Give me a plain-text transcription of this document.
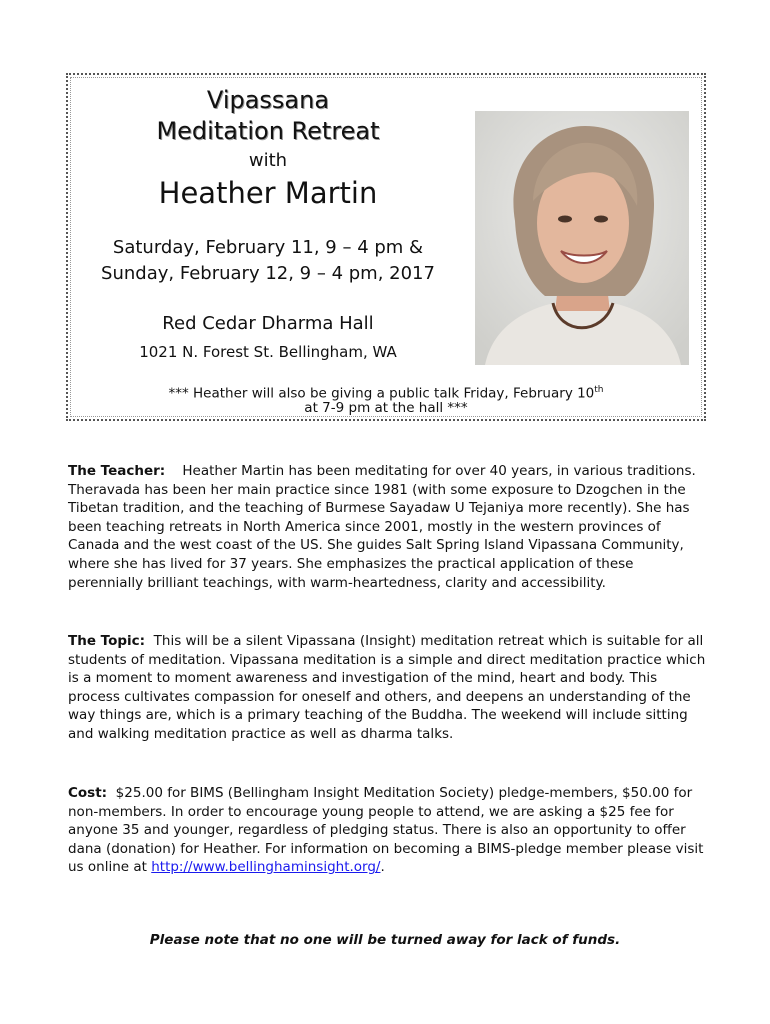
Vipassana
Meditation Retreat
with
Heather Martin
Saturday, February 11, 9 – 4 pm &
Sunday, February 12, 9 – 4 pm, 2017
Red Cedar Dharma Hall
1021 N. Forest St. Bellingham, WA
*** Heather will also be giving a public talk Friday, February 10th
at 7-9 pm at the hall ***
The Teacher: Heather Martin has been meditating for over 40 years, in various traditions. Theravada has been her main practice since 1981 (with some exposure to Dzogchen in the Tibetan tradition, and the teaching of Burmese Sayadaw U Tejaniya more recently). She has been teaching retreats in North America since 2001, mostly in the western provinces of Canada and the west coast of the US. She guides Salt Spring Island Vipassana Community, where she has lived for 37 years. She emphasizes the practical application of these perennially brilliant teachings, with warm-heartedness, clarity and accessibility.
The Topic: This will be a silent Vipassana (Insight) meditation retreat which is suitable for all students of meditation. Vipassana meditation is a simple and direct meditation practice which is a moment to moment awareness and investigation of the mind, heart and body. This process cultivates compassion for oneself and others, and deepens an understanding of the way things are, which is a primary teaching of the Buddha. The weekend will include sitting and walking meditation practice as well as dharma talks.
Cost: $25.00 for BIMS (Bellingham Insight Meditation Society) pledge-members, $50.00 for non-members. In order to encourage young people to attend, we are asking a $25 fee for anyone 35 and younger, regardless of pledging status. There is also an opportunity to offer dana (donation) for Heather. For information on becoming a BIMS-pledge member please visit us online at http://www.bellinghaminsight.org/.
Please note that no one will be turned away for lack of funds.
